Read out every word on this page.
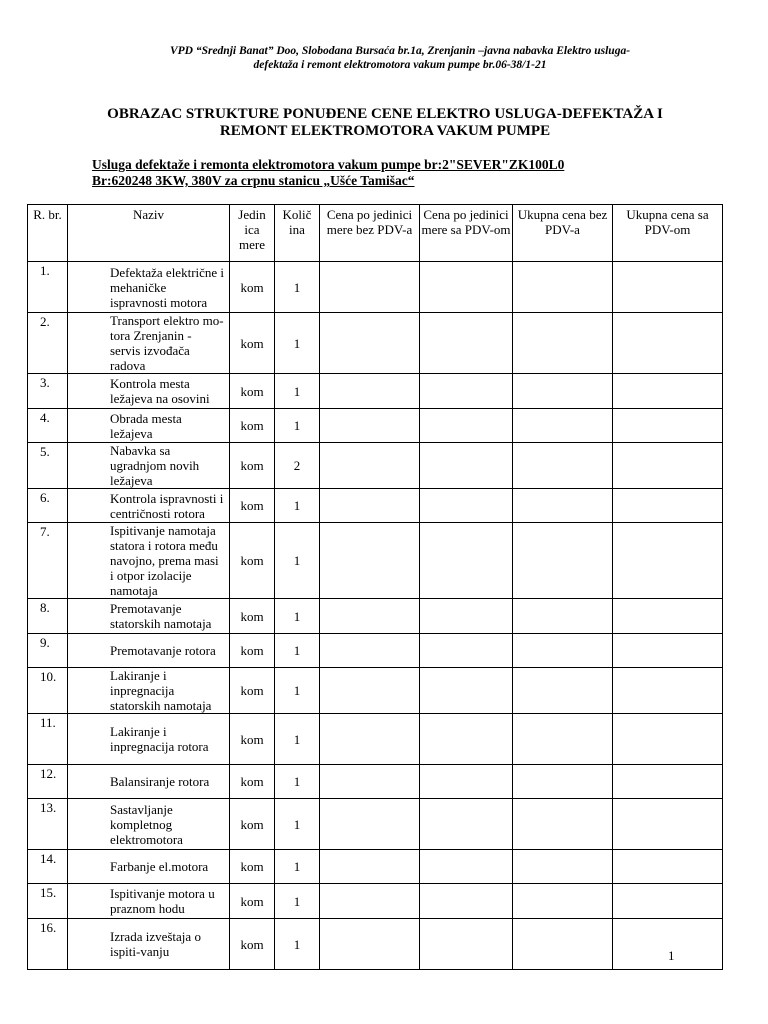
VPD “Srednji Banat” Doo, Slobodana Bursaća br.1a, Zrenjanin –javna nabavka Elektro usluga-
defektaža i remont elektromotora vakum pumpe br.06-38/1-21
OBRAZAC STRUKTURE PONUĐENE CENE ELEKTRO USLUGA-DEFEKTAŽA I
REMONT ELEKTROMOTORA VAKUM PUMPE
Usluga defektaže i remonta elektromotora vakum pumpe br:2"SEVER"ZK100L0
Br:620248 3KW, 380V za crpnu stanicu „Ušće Tamišac“
R. br.	Naziv	Jedin ica mere	Količ ina	Cena po jedinici mere bez PDV-a	Cena po jedinici mere sa PDV-om	Ukupna cena bez PDV-a	Ukupna cena sa PDV-om
1.	Defektaža električne i mehaničke ispravnosti motora	kom	1				
2.	Transport elektro mo-tora Zrenjanin - servis izvođača radova	kom	1				
3.	Kontrola mesta ležajeva na osovini	kom	1				
4.	Obrada mesta ležajeva	kom	1				
5.	Nabavka sa ugradnjom novih ležajeva	kom	2				
6.	Kontrola ispravnosti i centričnosti rotora	kom	1				
7.	Ispitivanje namotaja statora i rotora među navojno, prema masi i otpor izolacije namotaja	kom	1				
8.	Premotavanje statorskih namotaja	kom	1				
9.	Premotavanje rotora	kom	1				
10.	Lakiranje i inpregnacija statorskih namotaja	kom	1				
11.	Lakiranje i inpregnacija rotora	kom	1				
12.	Balansiranje rotora	kom	1				
13.	Sastavljanje kompletnog elektromotora	kom	1				
14.	Farbanje el.motora	kom	1				
15.	Ispitivanje motora u praznom hodu	kom	1				
16.	Izrada izveštaja o ispiti-vanju	kom	1				
1
